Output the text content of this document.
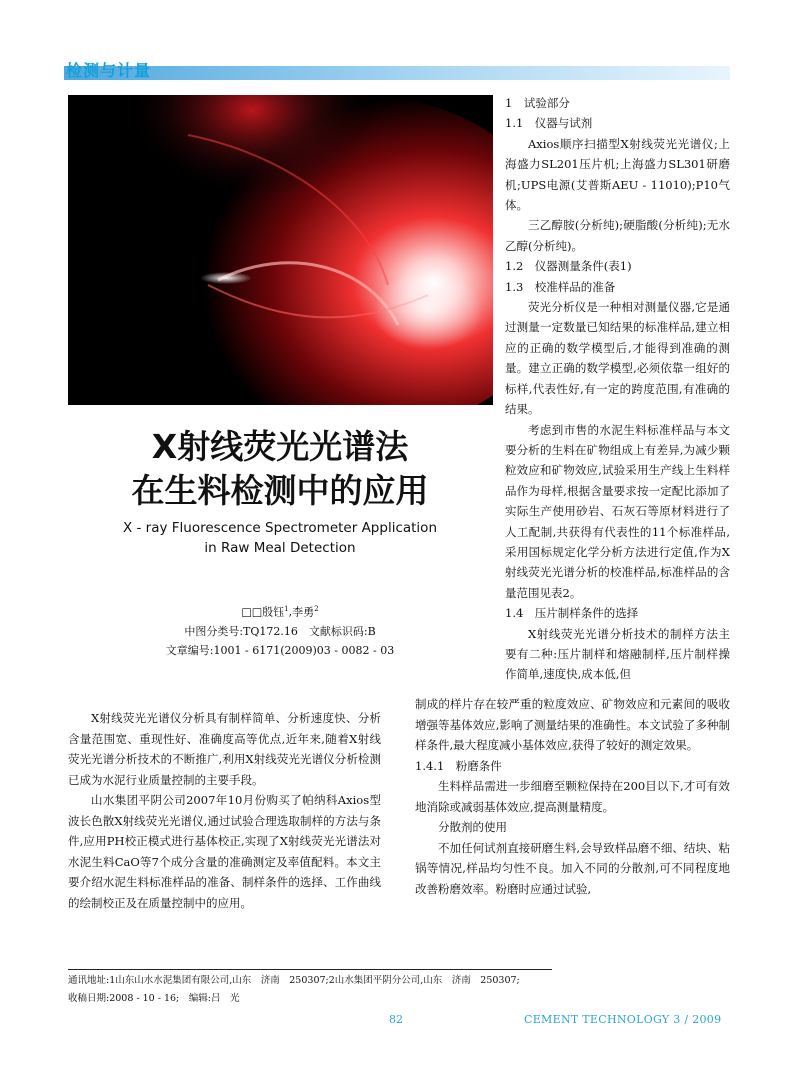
检测与计量
X射线荧光光谱法
在生料检测中的应用
X - ray Fluorescence Spectrometer Application
in Raw Meal Detection
□□殷钰$^1$,李勇$^2$
中图分类号:TQ172.16　文献标识码:B
文章编号:1001 - 6171(2009)03 - 0082 - 03

X射线荧光光谱仪分析具有制样简单、分析速度快、分析含量范围宽、重现性好、准确度高等优点,近年来,随着X射线荧光光谱分析技术的不断推广,利用X射线荧光光谱仪分析检测已成为水泥行业质量控制的主要手段。

山水集团平阴公司2007年10月份购买了帕纳科Axios型波长色散X射线荧光光谱仪,通过试验合理选取制样的方法与条件,应用PH校正模式进行基体校正,实现了X射线荧光光谱法对水泥生料CaO等7个成分含量的准确测定及率值配料。本文主要介绍水泥生料标准样品的准备、制样条件的选择、工作曲线的绘制校正及在质量控制中的应用。

1　试验部分

1.1　仪器与试剂

Axios顺序扫描型X射线荧光光谱仪;上海盛力SL201压片机;上海盛力SL301研磨机;UPS电源(艾普斯AEU - 11010);P10气体。

三乙醇胺(分析纯);硬脂酸(分析纯);无水乙醇(分析纯)。

1.2　仪器测量条件(表1)

1.3　校准样品的准备

荧光分析仪是一种相对测量仪器,它是通过测量一定数量已知结果的标准样品,建立相应的正确的数学模型后,才能得到准确的测量。建立正确的数学模型,必须依靠一组好的标样,代表性好,有一定的跨度范围,有准确的结果。

考虑到市售的水泥生料标准样品与本文要分析的生料在矿物组成上有差异,为减少颗粒效应和矿物效应,试验采用生产线上生料样品作为母样,根据含量要求按一定配比添加了实际生产使用砂岩、石灰石等原材料进行了人工配制,共获得有代表性的11个标准样品,采用国标规定化学分析方法进行定值,作为X射线荧光光谱分析的校准样品,标准样品的含量范围见表2。

1.4　压片制样条件的选择

X射线荧光光谱分析技术的制样方法主要有二种:压片制样和熔融制样,压片制样操作简单,速度快,成本低,但

制成的样片存在较严重的粒度效应、矿物效应和元素间的吸收增强等基体效应,影响了测量结果的准确性。本文试验了多种制样条件,最大程度减小基体效应,获得了较好的测定效果。

1.4.1　粉磨条件

生料样品需进一步细磨至颗粒保持在200目以下,才可有效地消除或减弱基体效应,提高测量精度。

分散剂的使用

不加任何试剂直接研磨生料,会导致样品磨不细、结块、粘锅等情况,样品均匀性不良。加入不同的分散剂,可不同程度地改善粉磨效率。粉磨时应通过试验,

通讯地址:1山东山水水泥集团有限公司,山东　济南　250307;2山水集团平阴分公司,山东　济南　250307;
收稿日期:2008 - 10 - 16;　编辑:吕　光
82	CEMENT TECHNOLOGY 3 / 2009
